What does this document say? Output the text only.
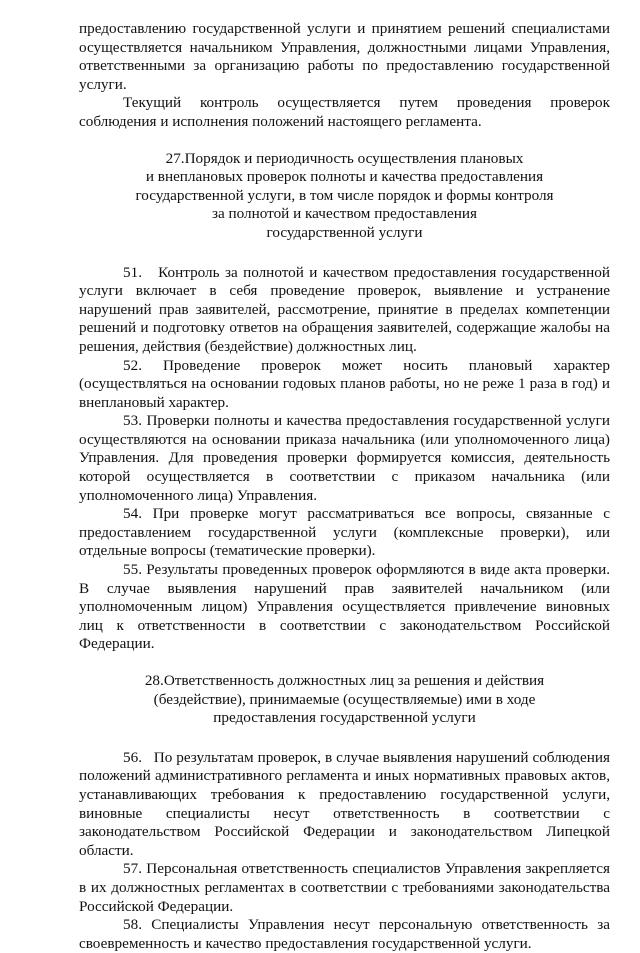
предоставлению государственной услуги и принятием решений специалистами осуществляется начальником Управления, должностными лицами Управления, ответственными за организацию работы по предоставлению государственной услуги.

Текущий контроль осуществляется путем проведения проверок соблюдения и исполнения положений настоящего регламента.

27.Порядок и периодичность осуществления плановых
и внеплановых проверок полноты и качества предоставления
государственной услуги, в том числе порядок и формы контроля
за полнотой и качеством предоставления
государственной услуги

51. Контроль за полнотой и качеством предоставления государственной услуги включает в себя проведение проверок, выявление и устранение нарушений прав заявителей, рассмотрение, принятие в пределах компетенции решений и подготовку ответов на обращения заявителей, содержащие жалобы на решения, действия (бездействие) должностных лиц.

52. Проведение проверок может носить плановый характер (осуществляться на основании годовых планов работы, но не реже 1 раза в год) и внеплановый характер.

53. Проверки полноты и качества предоставления государственной услуги осуществляются на основании приказа начальника (или уполномоченного лица) Управления. Для проведения проверки формируется комиссия, деятельность которой осуществляется в соответствии с приказом начальника (или уполномоченного лица) Управления.

54. При проверке могут рассматриваться все вопросы, связанные с предоставлением государственной услуги (комплексные проверки), или отдельные вопросы (тематические проверки).

55. Результаты проведенных проверок оформляются в виде акта проверки. В случае выявления нарушений прав заявителей начальником (или уполномоченным лицом) Управления осуществляется привлечение виновных лиц к ответственности в соответствии с законодательством Российской Федерации.

28.Ответственность должностных лиц за решения и действия
(бездействие), принимаемые (осуществляемые) ими в ходе
предоставления государственной услуги

56. По результатам проверок, в случае выявления нарушений соблюдения положений административного регламента и иных нормативных правовых актов, устанавливающих требования к предоставлению государственной услуги, виновные специалисты несут ответственность в соответствии с законодательством Российской Федерации и законодательством Липецкой области.

57. Персональная ответственность специалистов Управления закрепляется в их должностных регламентах в соответствии с требованиями законодательства Российской Федерации.

58. Специалисты Управления несут персональную ответственность за своевременность и качество предоставления государственной услуги.
